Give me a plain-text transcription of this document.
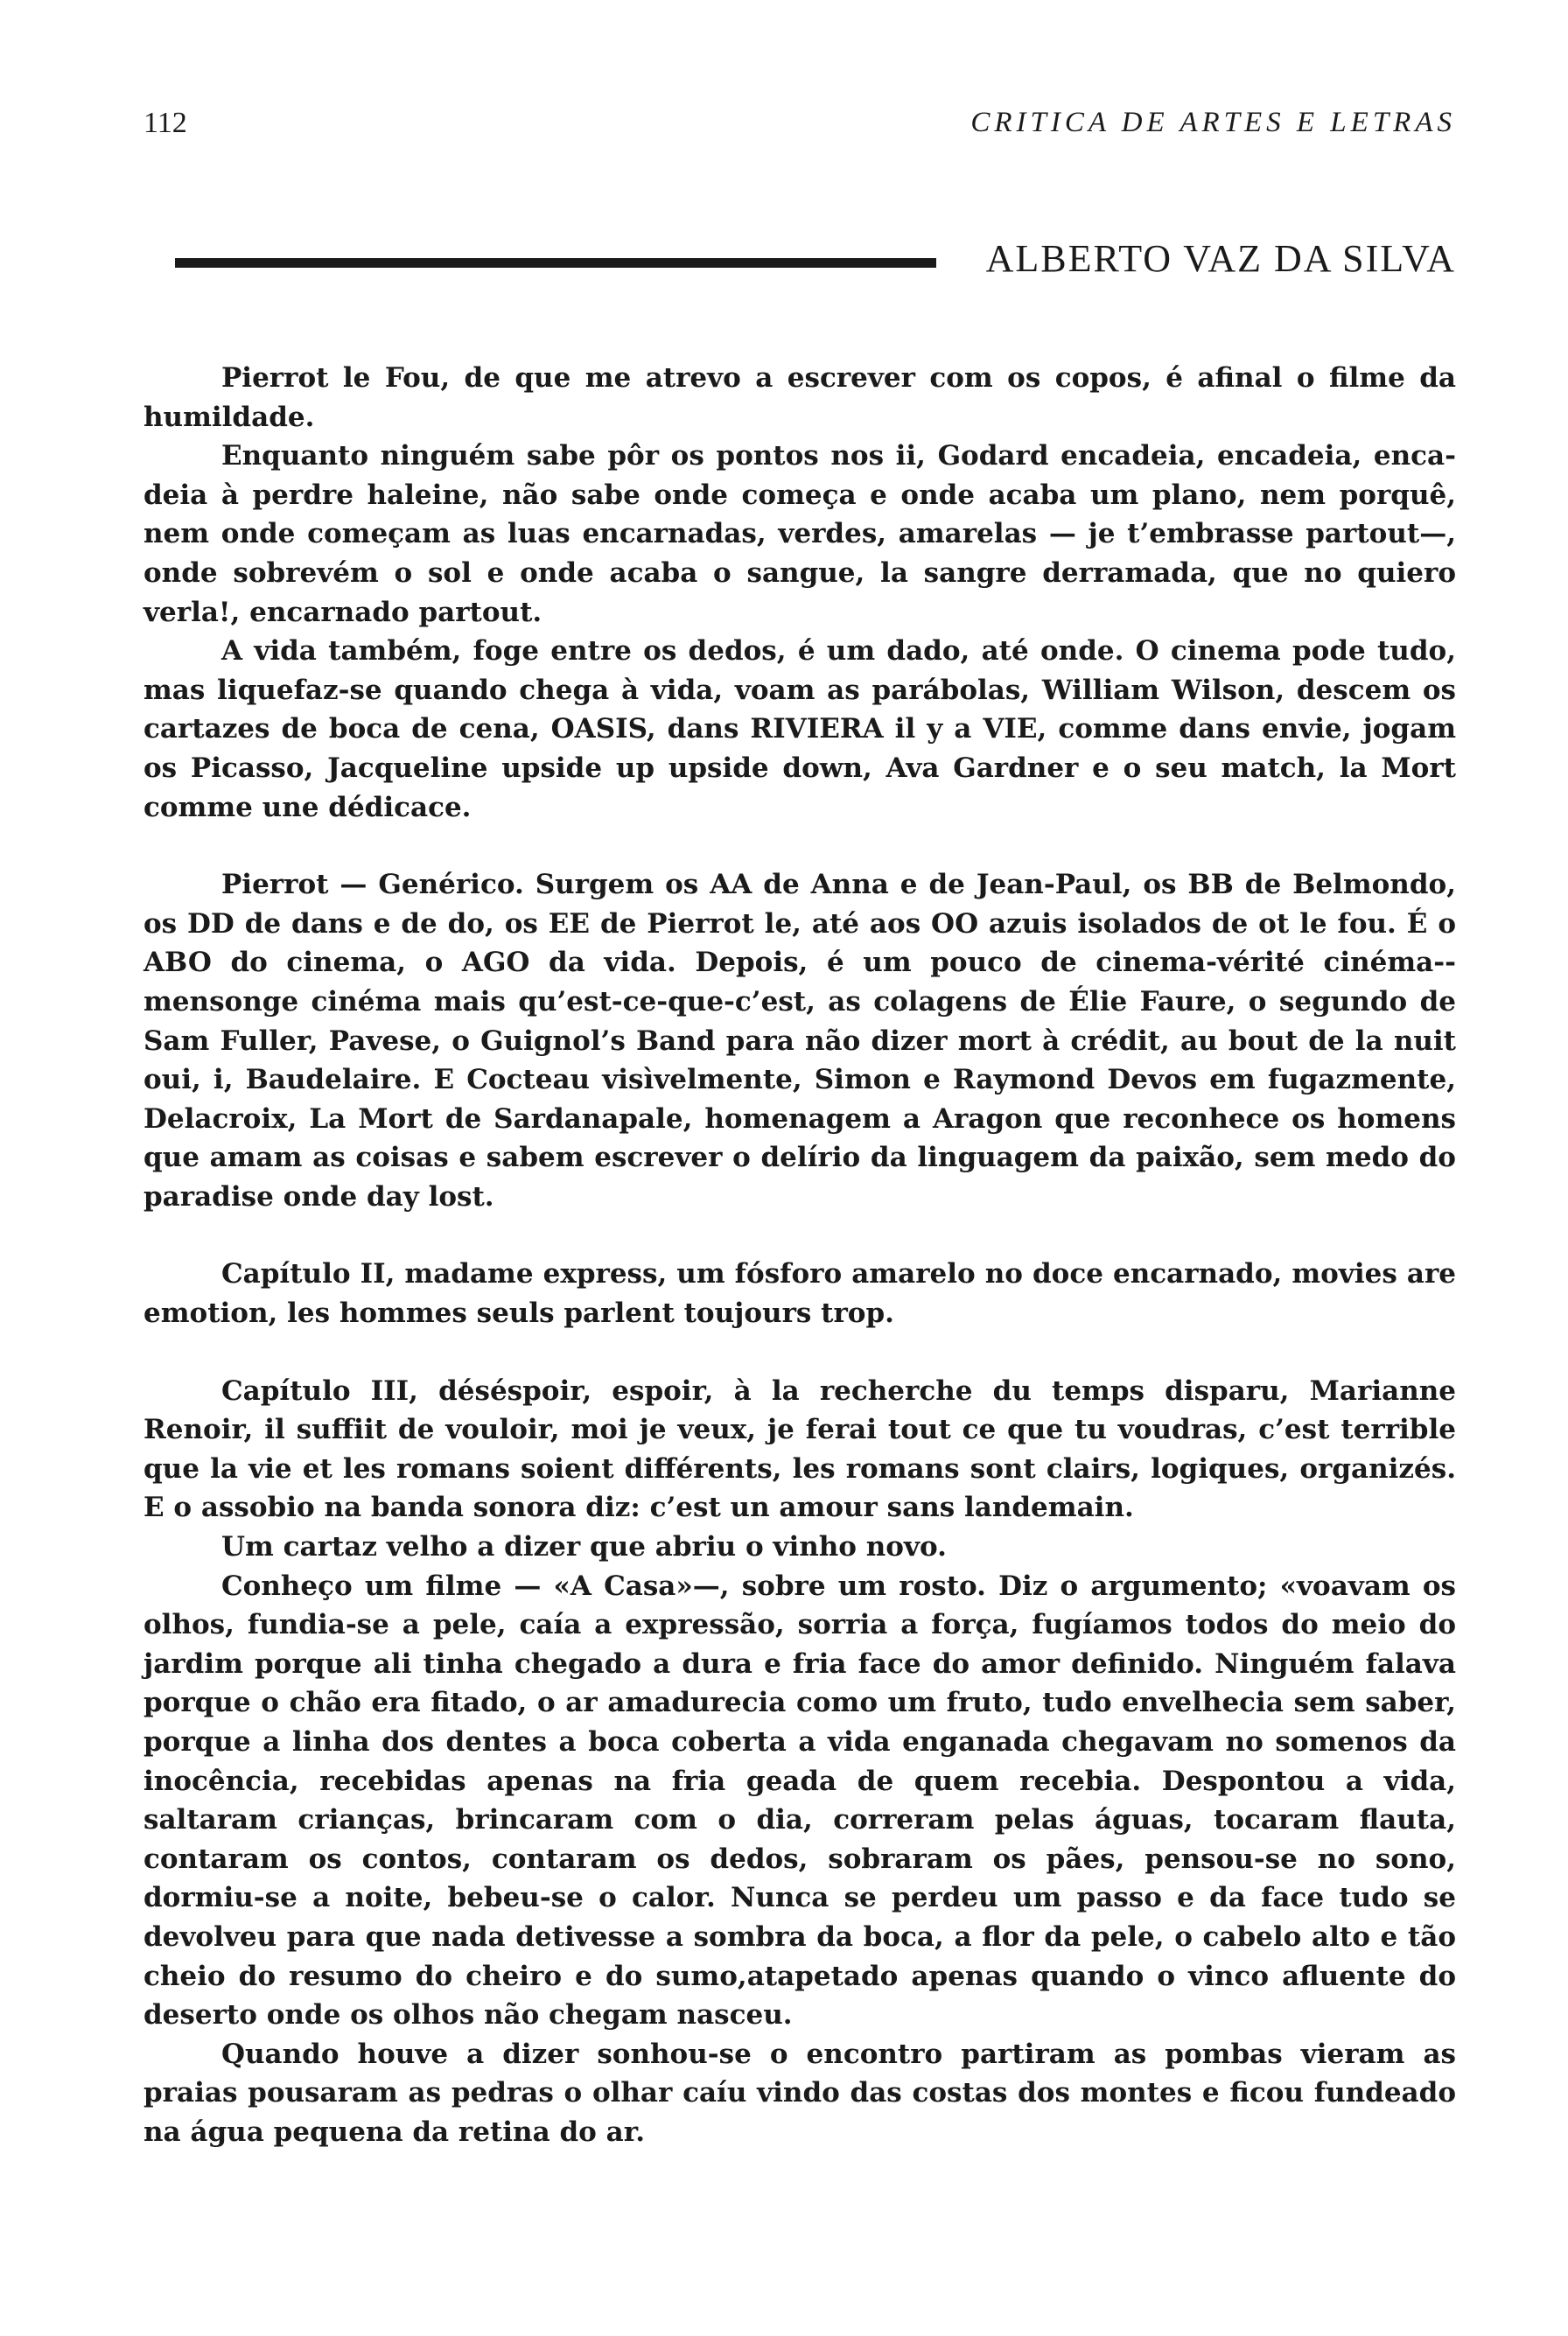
112	CRITICA DE ARTES E LETRAS
ALBERTO VAZ DA SILVA

Pierrot le Fou, de que me atrevo a escrever com os copos, é afinal o filme da humildade.

Enquanto ninguém sabe pôr os pontos nos ii, Godard encadeia, encadeia, encadeia à perdre haleine, não sabe onde começa e onde acaba um plano, nem porquê, nem onde começam as luas encarnadas, verdes, amarelas — je t’embrasse partout—, onde sobrevém o sol e onde acaba o sangue, la sangre derramada, que no quiero verla!, encarnado partout.

A vida também, foge entre os dedos, é um dado, até onde. O cinema pode tudo, mas liquefaz-se quando chega à vida, voam as parábolas, William Wilson, descem os cartazes de boca de cena, OASIS, dans RIVIERA il y a VIE, comme dans envie, jogam os Picasso, Jacqueline upside up upside down, Ava Gardner e o seu match, la Mort comme une dédicace.

Pierrot — Genérico. Surgem os AA de Anna e de Jean-Paul, os BB de Belmondo, os DD de dans e de do, os EE de Pierrot le, até aos OO azuis isolados de ot le fou. É o ABO do cinema, o AGO da vida. Depois, é um pouco de cinema-vérité cinéma--mensonge cinéma mais qu’est-ce-que-c’est, as colagens de Élie Faure, o segundo de Sam Fuller, Pavese, o Guignol’s Band para não dizer mort à crédit, au bout de la nuit oui, i, Baudelaire. E Cocteau visìvelmente, Simon e Raymond Devos em fugazmente, Delacroix, La Mort de Sardanapale, homenagem a Aragon que reconhece os homens que amam as coisas e sabem escrever o delírio da linguagem da paixão, sem medo do paradise onde day lost.

Capítulo II, madame express, um fósforo amarelo no doce encarnado, movies are emotion, les hommes seuls parlent toujours trop.

Capítulo III, déséspoir, espoir, à la recherche du temps disparu, Marianne Renoir, il suffiit de vouloir, moi je veux, je ferai tout ce que tu voudras, c’est terrible que la vie et les romans soient différents, les romans sont clairs, logiques, organizés. E o assobio na banda sonora diz: c’est un amour sans landemain.

Um cartaz velho a dizer que abriu o vinho novo.

Conheço um filme — «A Casa»—, sobre um rosto. Diz o argumento; «voavam os olhos, fundia-se a pele, caía a expressão, sorria a força, fugíamos todos do meio do jardim porque ali tinha chegado a dura e fria face do amor definido. Ninguém falava porque o chão era fitado, o ar amadurecia como um fruto, tudo envelhecia sem saber, porque a linha dos dentes a boca coberta a vida enganada chegavam no somenos da inocência, recebidas apenas na fria geada de quem recebia. Despontou a vida, saltaram crianças, brincaram com o dia, correram pelas águas, tocaram flauta, contaram os contos, contaram os dedos, sobraram os pães, pensou-se no sono, dormiu-se a noite, bebeu-se o calor. Nunca se perdeu um passo e da face tudo se devolveu para que nada detivesse a sombra da boca, a flor da pele, o cabelo alto e tão cheio do resumo do cheiro e do sumo,atapetado apenas quando o vinco afluente do deserto onde os olhos não chegam nasceu.

Quando houve a dizer sonhou-se o encontro partiram as pombas vieram as praias pousaram as pedras o olhar caíu vindo das costas dos montes e ficou fundeado na água pequena da retina do ar.
